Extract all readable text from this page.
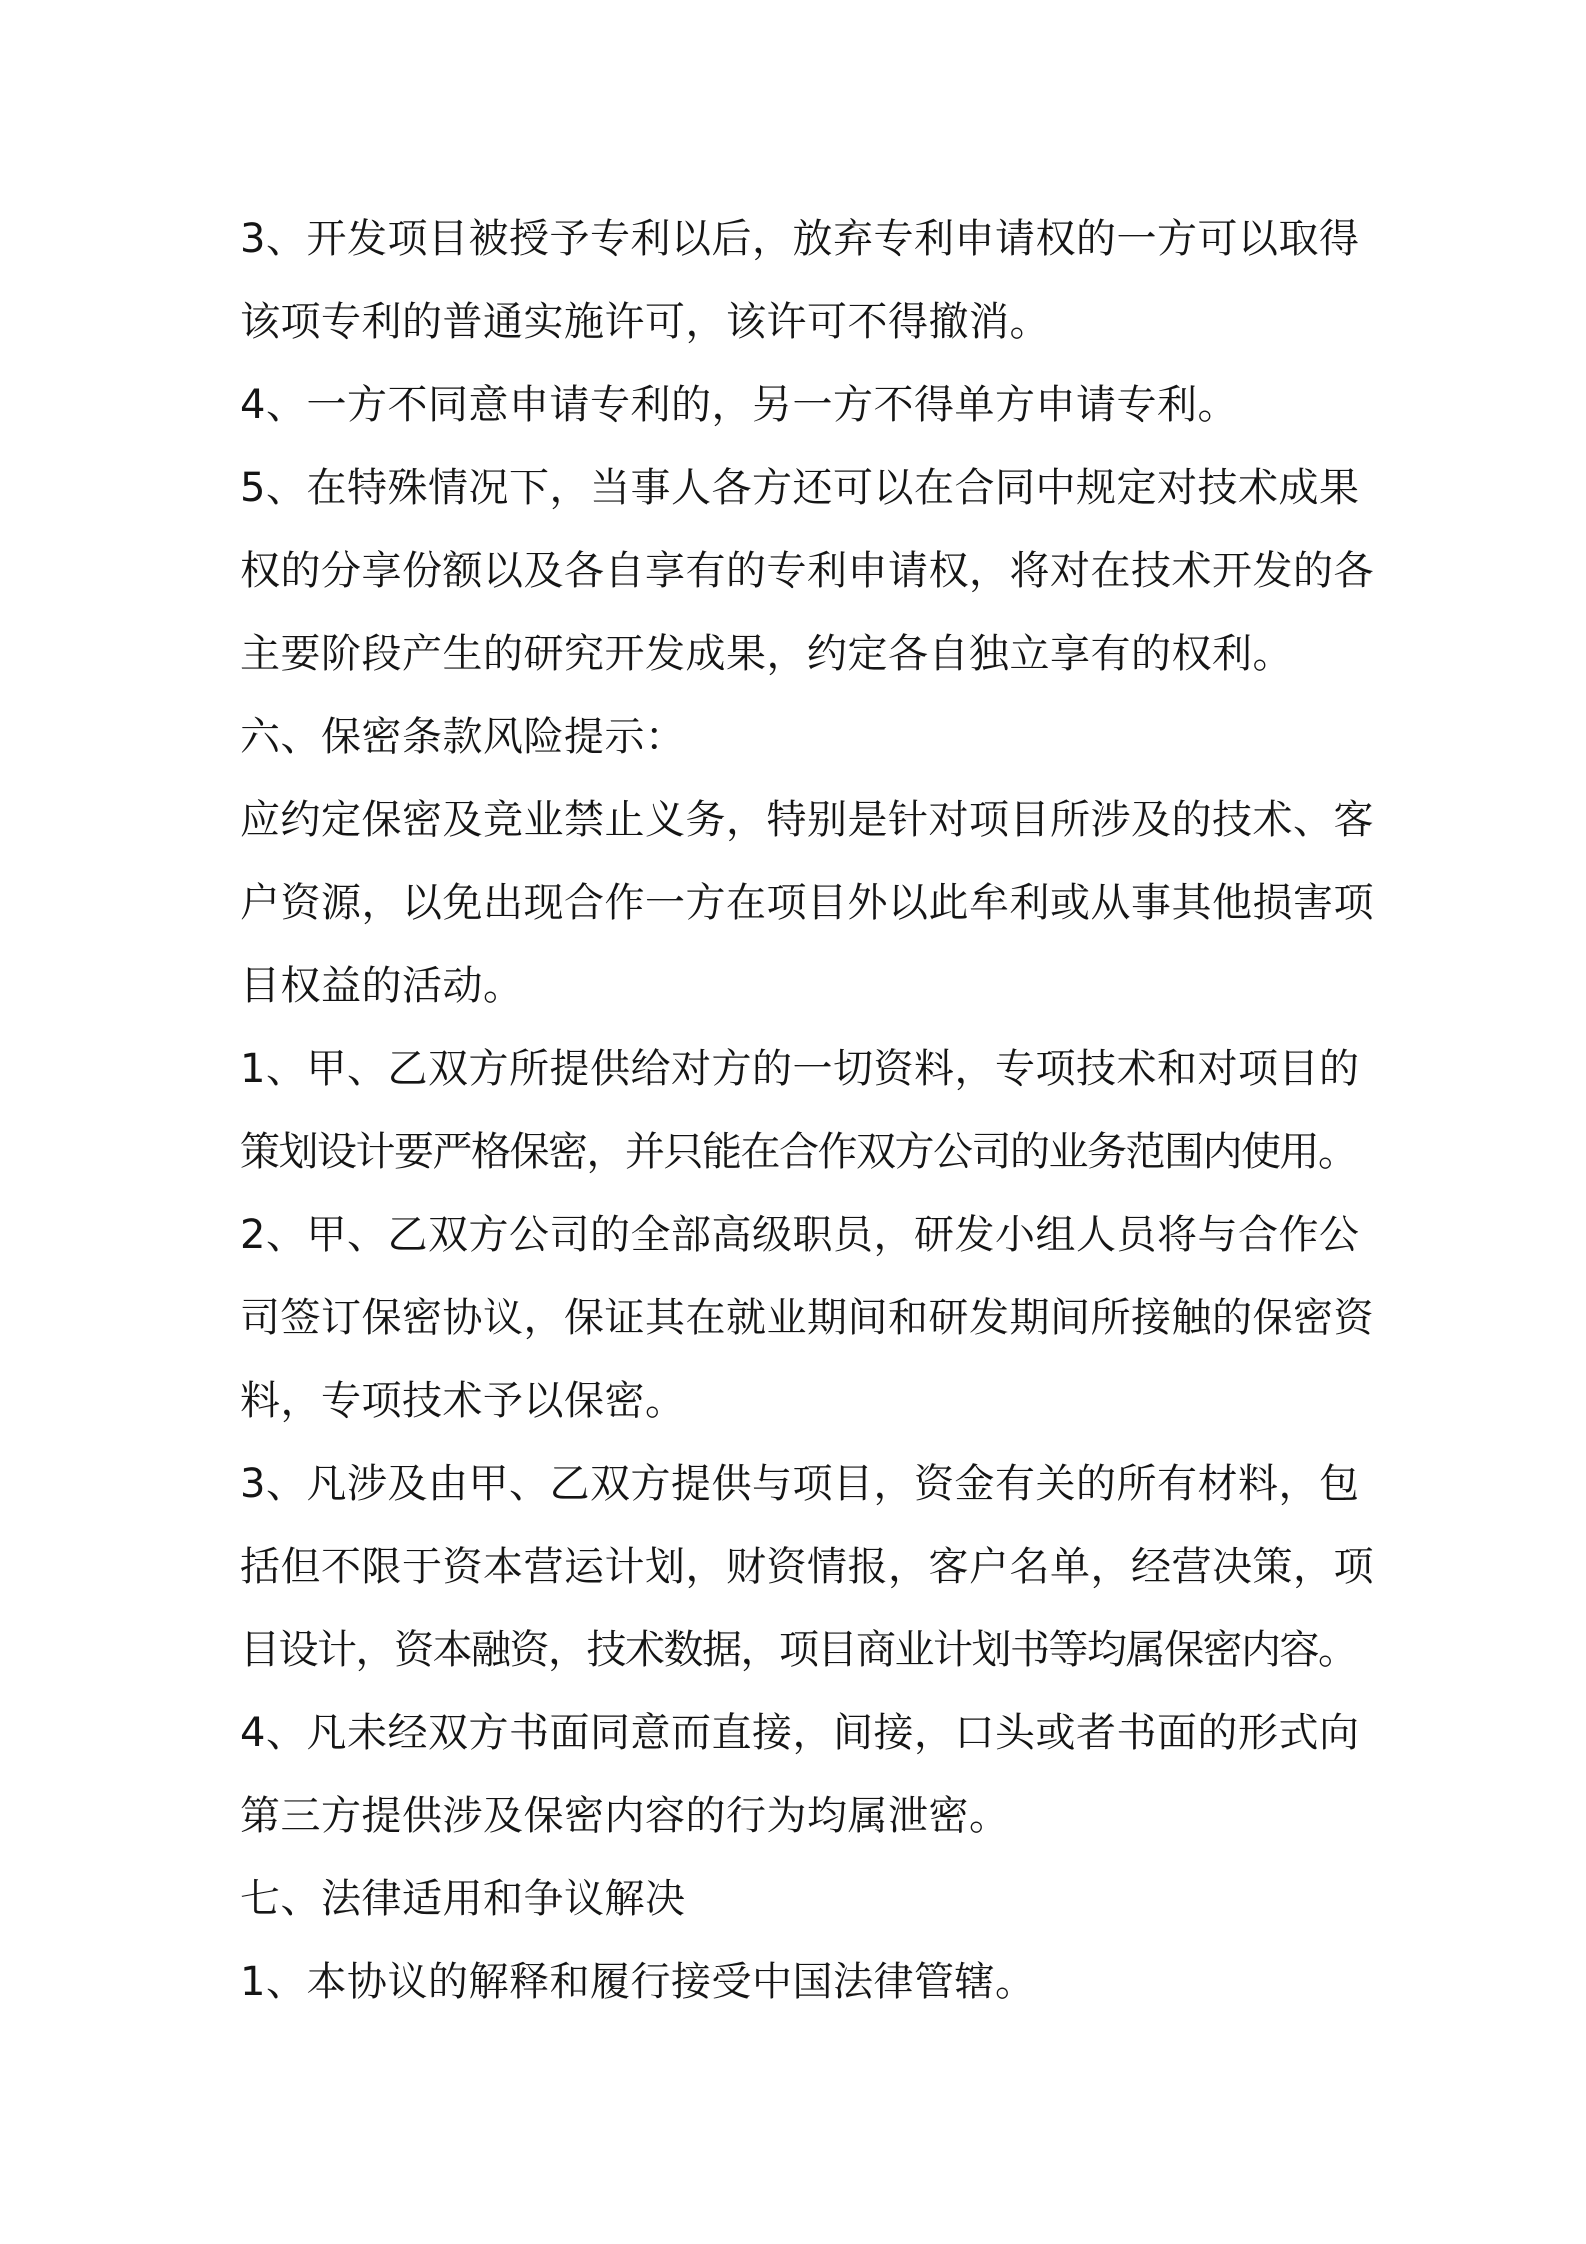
3、开发项目被授予专利以后，放弃专利申请权的一方可以取得
该项专利的普通实施许可，该许可不得撤消。
4、一方不同意申请专利的，另一方不得单方申请专利。
5、在特殊情况下，当事人各方还可以在合同中规定对技术成果
权的分享份额以及各自享有的专利申请权，将对在技术开发的各
主要阶段产生的研究开发成果，约定各自独立享有的权利。
六、保密条款风险提示：
应约定保密及竞业禁止义务，特别是针对项目所涉及的技术、客
户资源，以免出现合作一方在项目外以此牟利或从事其他损害项
目权益的活动。
1、甲、乙双方所提供给对方的一切资料，专项技术和对项目的
策划设计要严格保密，并只能在合作双方公司的业务范围内使用。
2、甲、乙双方公司的全部高级职员，研发小组人员将与合作公
司签订保密协议，保证其在就业期间和研发期间所接触的保密资
料，专项技术予以保密。
3、凡涉及由甲、乙双方提供与项目，资金有关的所有材料，包
括但不限于资本营运计划，财资情报，客户名单，经营决策，项
目设计，资本融资，技术数据，项目商业计划书等均属保密内容。
4、凡未经双方书面同意而直接，间接，口头或者书面的形式向
第三方提供涉及保密内容的行为均属泄密。
七、法律适用和争议解决
1、本协议的解释和履行接受中国法律管辖。
